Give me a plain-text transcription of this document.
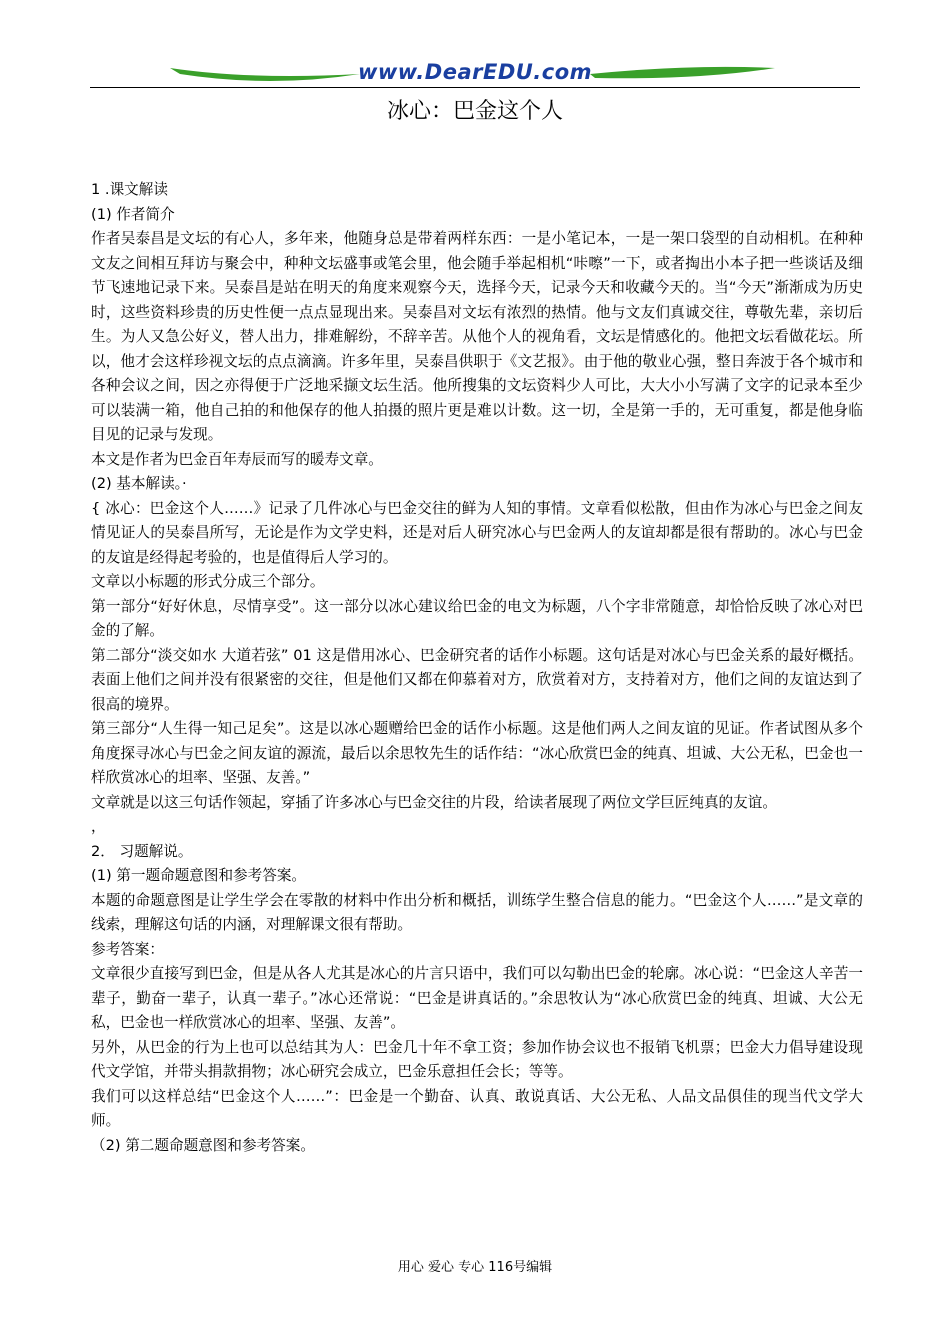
www.DearEDU.com
冰心：巴金这个人

1 .课文解读

(1) 作者简介

作者吴泰昌是文坛的有心人，多年来，他随身总是带着两样东西：一是小笔记本，一是一架口袋型的自动相机。在种种文友之间相互拜访与聚会中，种种文坛盛事或笔会里，他会随手举起相机“咔嚓”一下，或者掏出小本子把一些谈话及细节飞速地记录下来。吴泰昌是站在明天的角度来观察今天，选择今天，记录今天和收藏今天的。当“今天”渐渐成为历史时，这些资料珍贵的历史性便一点点显现出来。吴泰昌对文坛有浓烈的热情。他与文友们真诚交往，尊敬先辈，亲切后生。为人又急公好义，替人出力，排难解纷，不辞辛苦。从他个人的视角看，文坛是情感化的。他把文坛看做花坛。所以，他才会这样珍视文坛的点点滴滴。许多年里，吴泰昌供职于《文艺报》。由于他的敬业心强，整日奔波于各个城市和各种会议之间，因之亦得便于广泛地采撷文坛生活。他所搜集的文坛资料少人可比，大大小小写满了文字的记录本至少可以装满一箱，他自己拍的和他保存的他人拍摄的照片更是难以计数。这一切，全是第一手的，无可重复，都是他身临目见的记录与发现。

本文是作者为巴金百年寿辰而写的暖寿文章。

(2) 基本解读。·

{ 冰心：巴金这个人……》记录了几件冰心与巴金交往的鲜为人知的事情。文章看似松散，但由作为冰心与巴金之间友情见证人的吴泰昌所写，无论是作为文学史料，还是对后人研究冰心与巴金两人的友谊却都是很有帮助的。冰心与巴金的友谊是经得起考验的，也是值得后人学习的。

文章以小标题的形式分成三个部分。

第一部分“好好休息，尽情享受”。这一部分以冰心建议给巴金的电文为标题，八个字非常随意，却恰恰反映了冰心对巴金的了解。

第二部分“淡交如水 大道若弦” 01 这是借用冰心、巴金研究者的话作小标题。这句话是对冰心与巴金关系的最好概括。表面上他们之间并没有很紧密的交往，但是他们又都在仰慕着对方，欣赏着对方，支持着对方，他们之间的友谊达到了很高的境界。

第三部分“人生得一知己足矣”。这是以冰心题赠给巴金的话作小标题。这是他们两人之间友谊的见证。作者试图从多个角度探寻冰心与巴金之间友谊的源流，最后以余思牧先生的话作结：“冰心欣赏巴金的纯真、坦诚、大公无私，巴金也一样欣赏冰心的坦率、坚强、友善。”

文章就是以这三句话作领起，穿插了许多冰心与巴金交往的片段，给读者展现了两位文学巨匠纯真的友谊。

，

2． 习题解说。

(1) 第一题命题意图和参考答案。

本题的命题意图是让学生学会在零散的材料中作出分析和概括，训练学生整合信息的能力。“巴金这个人……”是文章的线索，理解这句话的内涵，对理解课文很有帮助。

参考答案：

文章很少直接写到巴金，但是从各人尤其是冰心的片言只语中，我们可以勾勒出巴金的轮廓。冰心说：“巴金这人辛苦一辈子，勤奋一辈子，认真一辈子。”冰心还常说：“巴金是讲真话的。”余思牧认为“冰心欣赏巴金的纯真、坦诚、大公无私，巴金也一样欣赏冰心的坦率、坚强、友善”。

另外，从巴金的行为上也可以总结其为人：巴金几十年不拿工资；参加作协会议也不报销飞机票；巴金大力倡导建设现代文学馆，并带头捐款捐物；冰心研究会成立，巴金乐意担任会长；等等。

我们可以这样总结“巴金这个人……”：巴金是一个勤奋、认真、敢说真话、大公无私、人品文品俱佳的现当代文学大师。

（2) 第二题命题意图和参考答案。

用心 爱心 专心 116号编辑
